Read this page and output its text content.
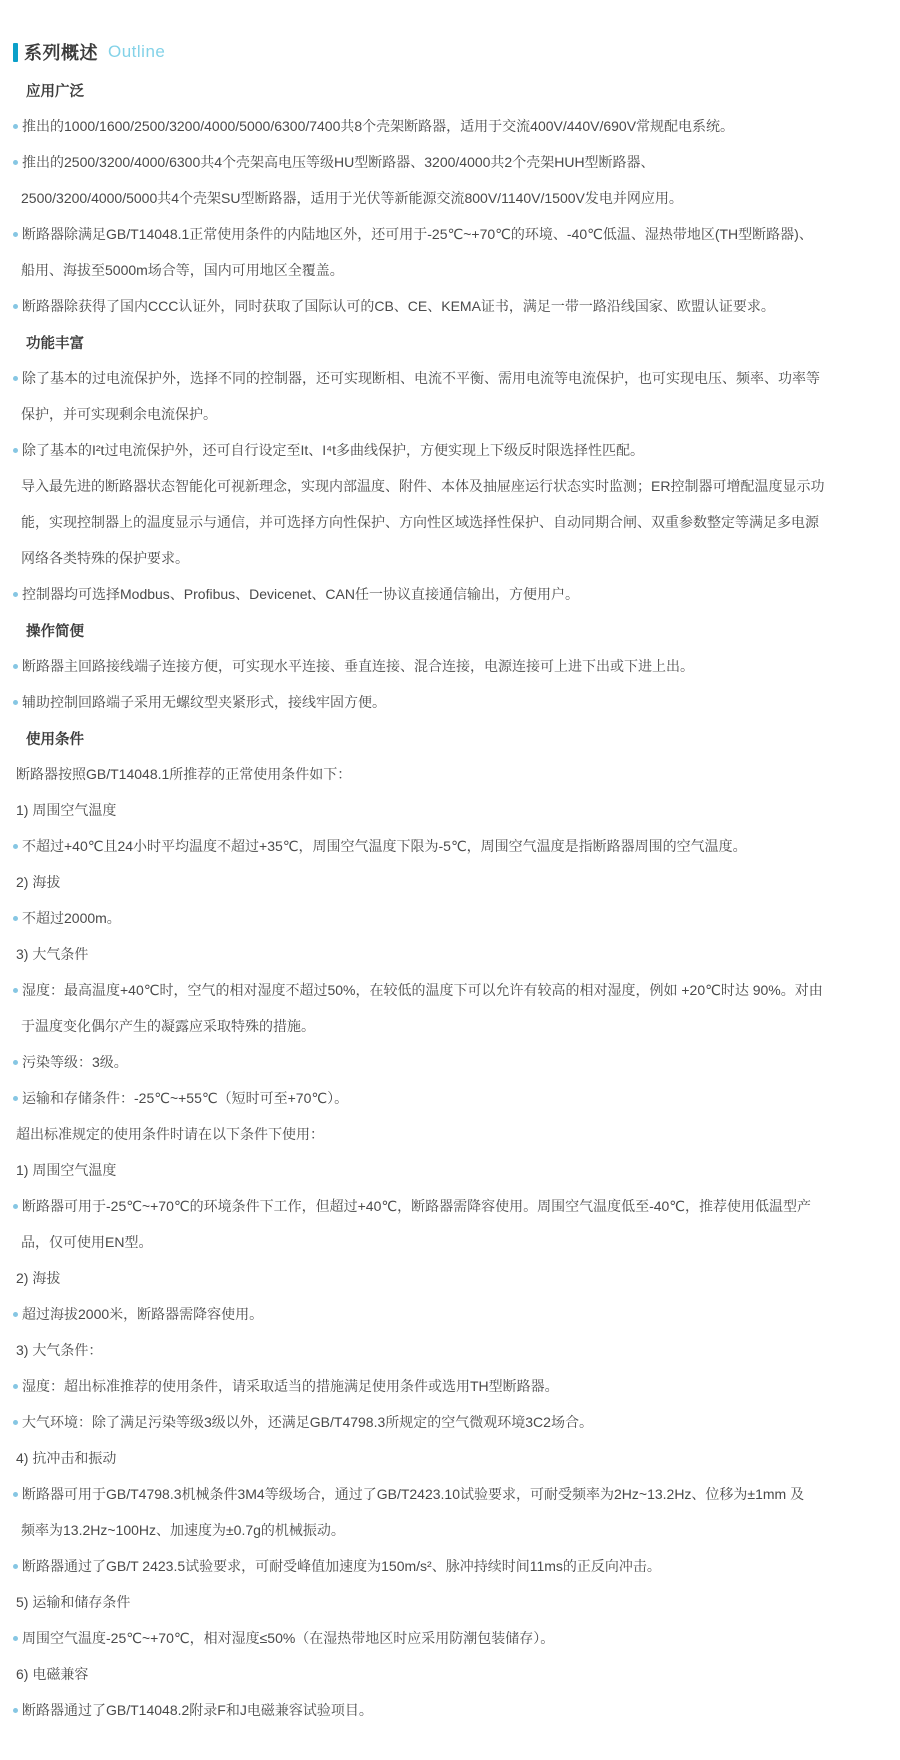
系列概述 Outline
应用广泛
推出的1000/1600/2500/3200/4000/5000/6300/7400共8个壳架断路器，适用于交流400V/440V/690V常规配电系统。
推出的2500/3200/4000/6300共4个壳架高电压等级HU型断路器、3200/4000共2个壳架HUH型断路器、
2500/3200/4000/5000共4个壳架SU型断路器，适用于光伏等新能源交流800V/1140V/1500V发电并网应用。
断路器除满足GB/T14048.1正常使用条件的内陆地区外，还可用于-25℃~+70℃的环境、-40℃低温、湿热带地区(TH型断路器)、
船用、海拔至5000m场合等，国内可用地区全覆盖。
断路器除获得了国内CCC认证外，同时获取了国际认可的CB、CE、KEMA证书，满足一带一路沿线国家、欧盟认证要求。
功能丰富
除了基本的过电流保护外，选择不同的控制器，还可实现断相、电流不平衡、需用电流等电流保护，也可实现电压、频率、功率等
保护，并可实现剩余电流保护。
除了基本的I²t过电流保护外，还可自行设定至It、I⁴t多曲线保护，方便实现上下级反时限选择性匹配。
导入最先进的断路器状态智能化可视新理念，实现内部温度、附件、本体及抽屉座运行状态实时监测；ER控制器可增配温度显示功
能，实现控制器上的温度显示与通信，并可选择方向性保护、方向性区域选择性保护、自动同期合闸、双重参数整定等满足多电源
网络各类特殊的保护要求。
控制器均可选择Modbus、Profibus、Devicenet、CAN任一协议直接通信输出，方便用户。
操作简便
断路器主回路接线端子连接方便，可实现水平连接、垂直连接、混合连接，电源连接可上进下出或下进上出。
辅助控制回路端子采用无螺纹型夹紧形式，接线牢固方便。
使用条件
断路器按照GB/T14048.1所推荐的正常使用条件如下：
1) 周围空气温度
不超过+40℃且24小时平均温度不超过+35℃，周围空气温度下限为-5℃，周围空气温度是指断路器周围的空气温度。
2) 海拔
不超过2000m。
3) 大气条件
湿度：最高温度+40℃时，空气的相对湿度不超过50%，在较低的温度下可以允许有较高的相对湿度，例如 +20℃时达 90%。对由
于温度变化偶尔产生的凝露应采取特殊的措施。
污染等级：3级。
运输和存储条件：-25℃~+55℃（短时可至+70℃）。
超出标准规定的使用条件时请在以下条件下使用：
1) 周围空气温度
断路器可用于-25℃~+70℃的环境条件下工作，但超过+40℃，断路器需降容使用。周围空气温度低至-40℃，推荐使用低温型产
品，仅可使用EN型。
2) 海拔
超过海拔2000米，断路器需降容使用。
3) 大气条件：
湿度：超出标准推荐的使用条件，请采取适当的措施满足使用条件或选用TH型断路器。
大气环境：除了满足污染等级3级以外，还满足GB/T4798.3所规定的空气微观环境3C2场合。
4) 抗冲击和振动
断路器可用于GB/T4798.3机械条件3M4等级场合，通过了GB/T2423.10试验要求，可耐受频率为2Hz~13.2Hz、位移为±1mm 及
频率为13.2Hz~100Hz、加速度为±0.7g的机械振动。
断路器通过了GB/T 2423.5试验要求，可耐受峰值加速度为150m/s²、脉冲持续时间11ms的正反向冲击。
5) 运输和储存条件
周围空气温度-25℃~+70℃，相对湿度≤50%（在湿热带地区时应采用防潮包装储存）。
6) 电磁兼容
断路器通过了GB/T14048.2附录F和J电磁兼容试验项目。
